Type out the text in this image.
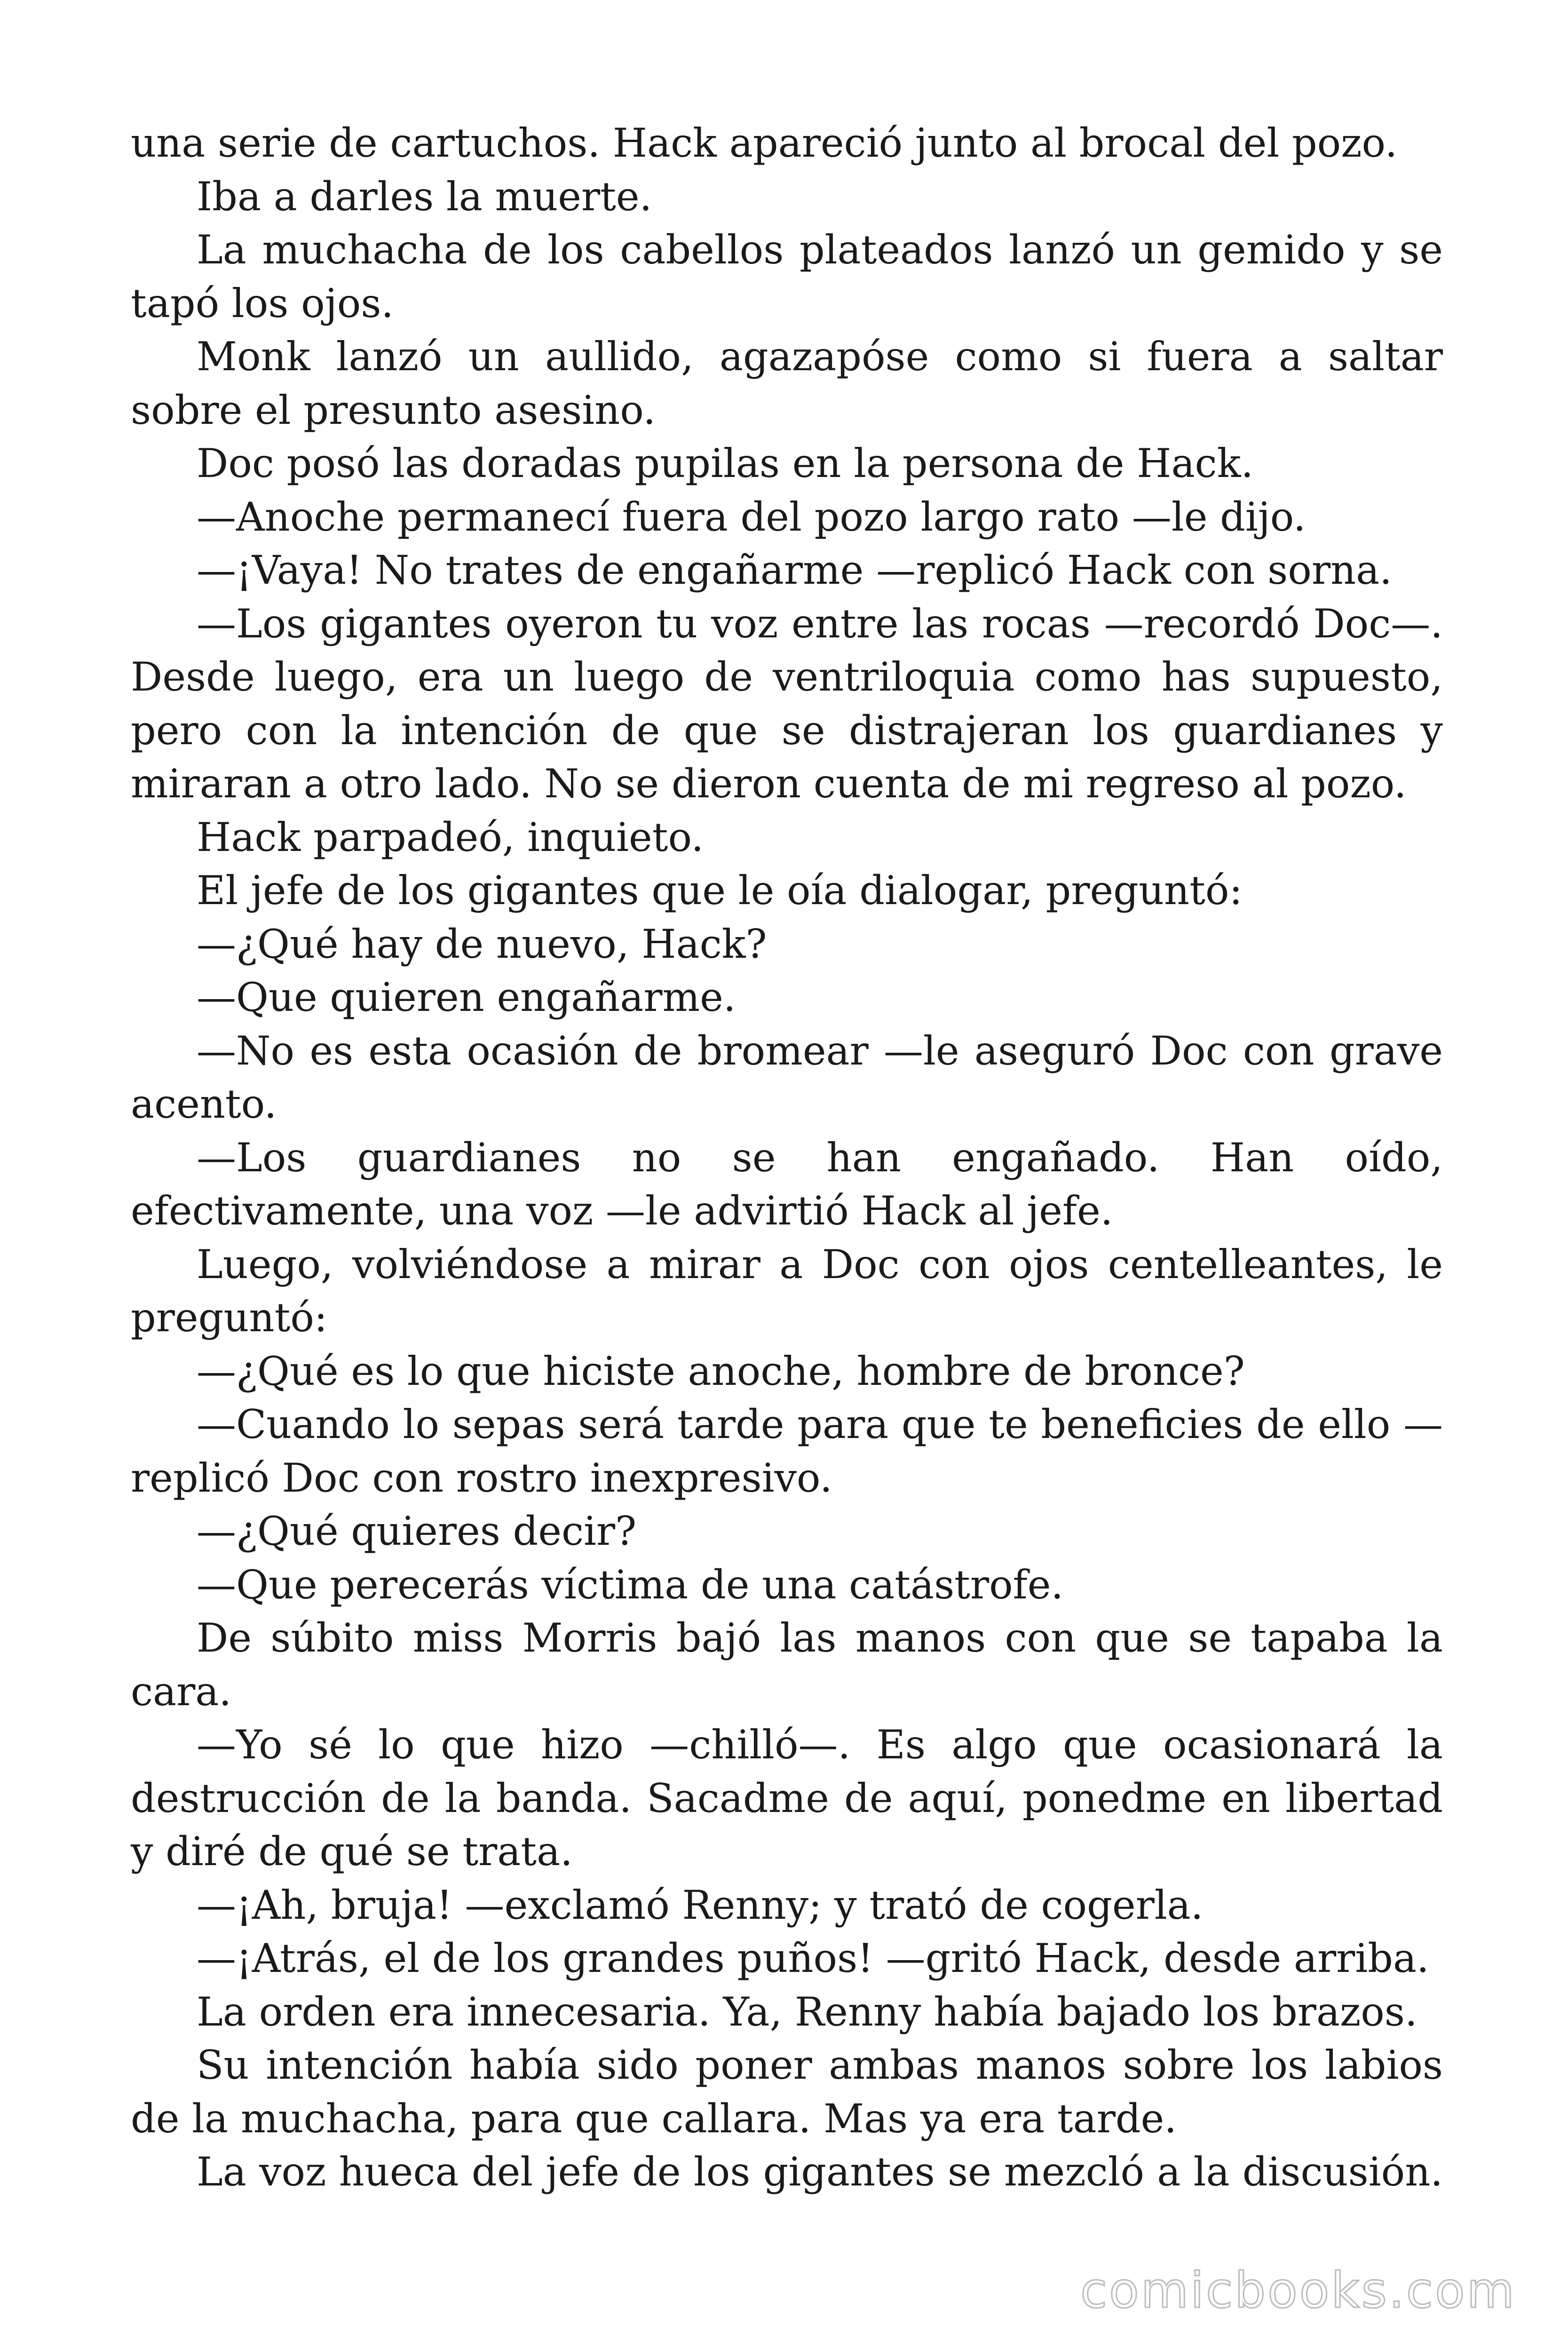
una serie de cartuchos. Hack apareció junto al brocal del pozo.

Iba a darles la muerte.

La muchacha de los cabellos plateados lanzó un gemido y se tapó los ojos.

Monk lanzó un aullido, agazapóse como si fuera a saltar sobre el presunto asesino.

Doc posó las doradas pupilas en la persona de Hack.

—Anoche permanecí fuera del pozo largo rato —le dijo.

—¡Vaya! No trates de engañarme —replicó Hack con sorna.

—Los gigantes oyeron tu voz entre las rocas —recordó Doc—. Desde luego, era un luego de ventriloquia como has supuesto, pero con la intención de que se distrajeran los guardianes y miraran a otro lado. No se dieron cuenta de mi regreso al pozo.

Hack parpadeó, inquieto.

El jefe de los gigantes que le oía dialogar, preguntó:

—¿Qué hay de nuevo, Hack?

—Que quieren engañarme.

—No es esta ocasión de bromear —le aseguró Doc con grave acento.

—Los guardianes no se han engañado. Han oído, efectivamente, una voz —le advirtió Hack al jefe.

Luego, volviéndose a mirar a Doc con ojos centelleantes, le preguntó:

—¿Qué es lo que hiciste anoche, hombre de bronce?

—Cuando lo sepas será tarde para que te beneficies de ello — replicó Doc con rostro inexpresivo.

—¿Qué quieres decir?

—Que perecerás víctima de una catástrofe.

De súbito miss Morris bajó las manos con que se tapaba la cara.

—Yo sé lo que hizo —chilló—. Es algo que ocasionará la destrucción de la banda. Sacadme de aquí, ponedme en libertad y diré de qué se trata.

—¡Ah, bruja! —exclamó Renny; y trató de cogerla.

—¡Atrás, el de los grandes puños! —gritó Hack, desde arriba.

La orden era innecesaria. Ya, Renny había bajado los brazos.

Su intención había sido poner ambas manos sobre los labios de la muchacha, para que callara. Mas ya era tarde.

La voz hueca del jefe de los gigantes se mezcló a la discusión.

comicbooks.com
